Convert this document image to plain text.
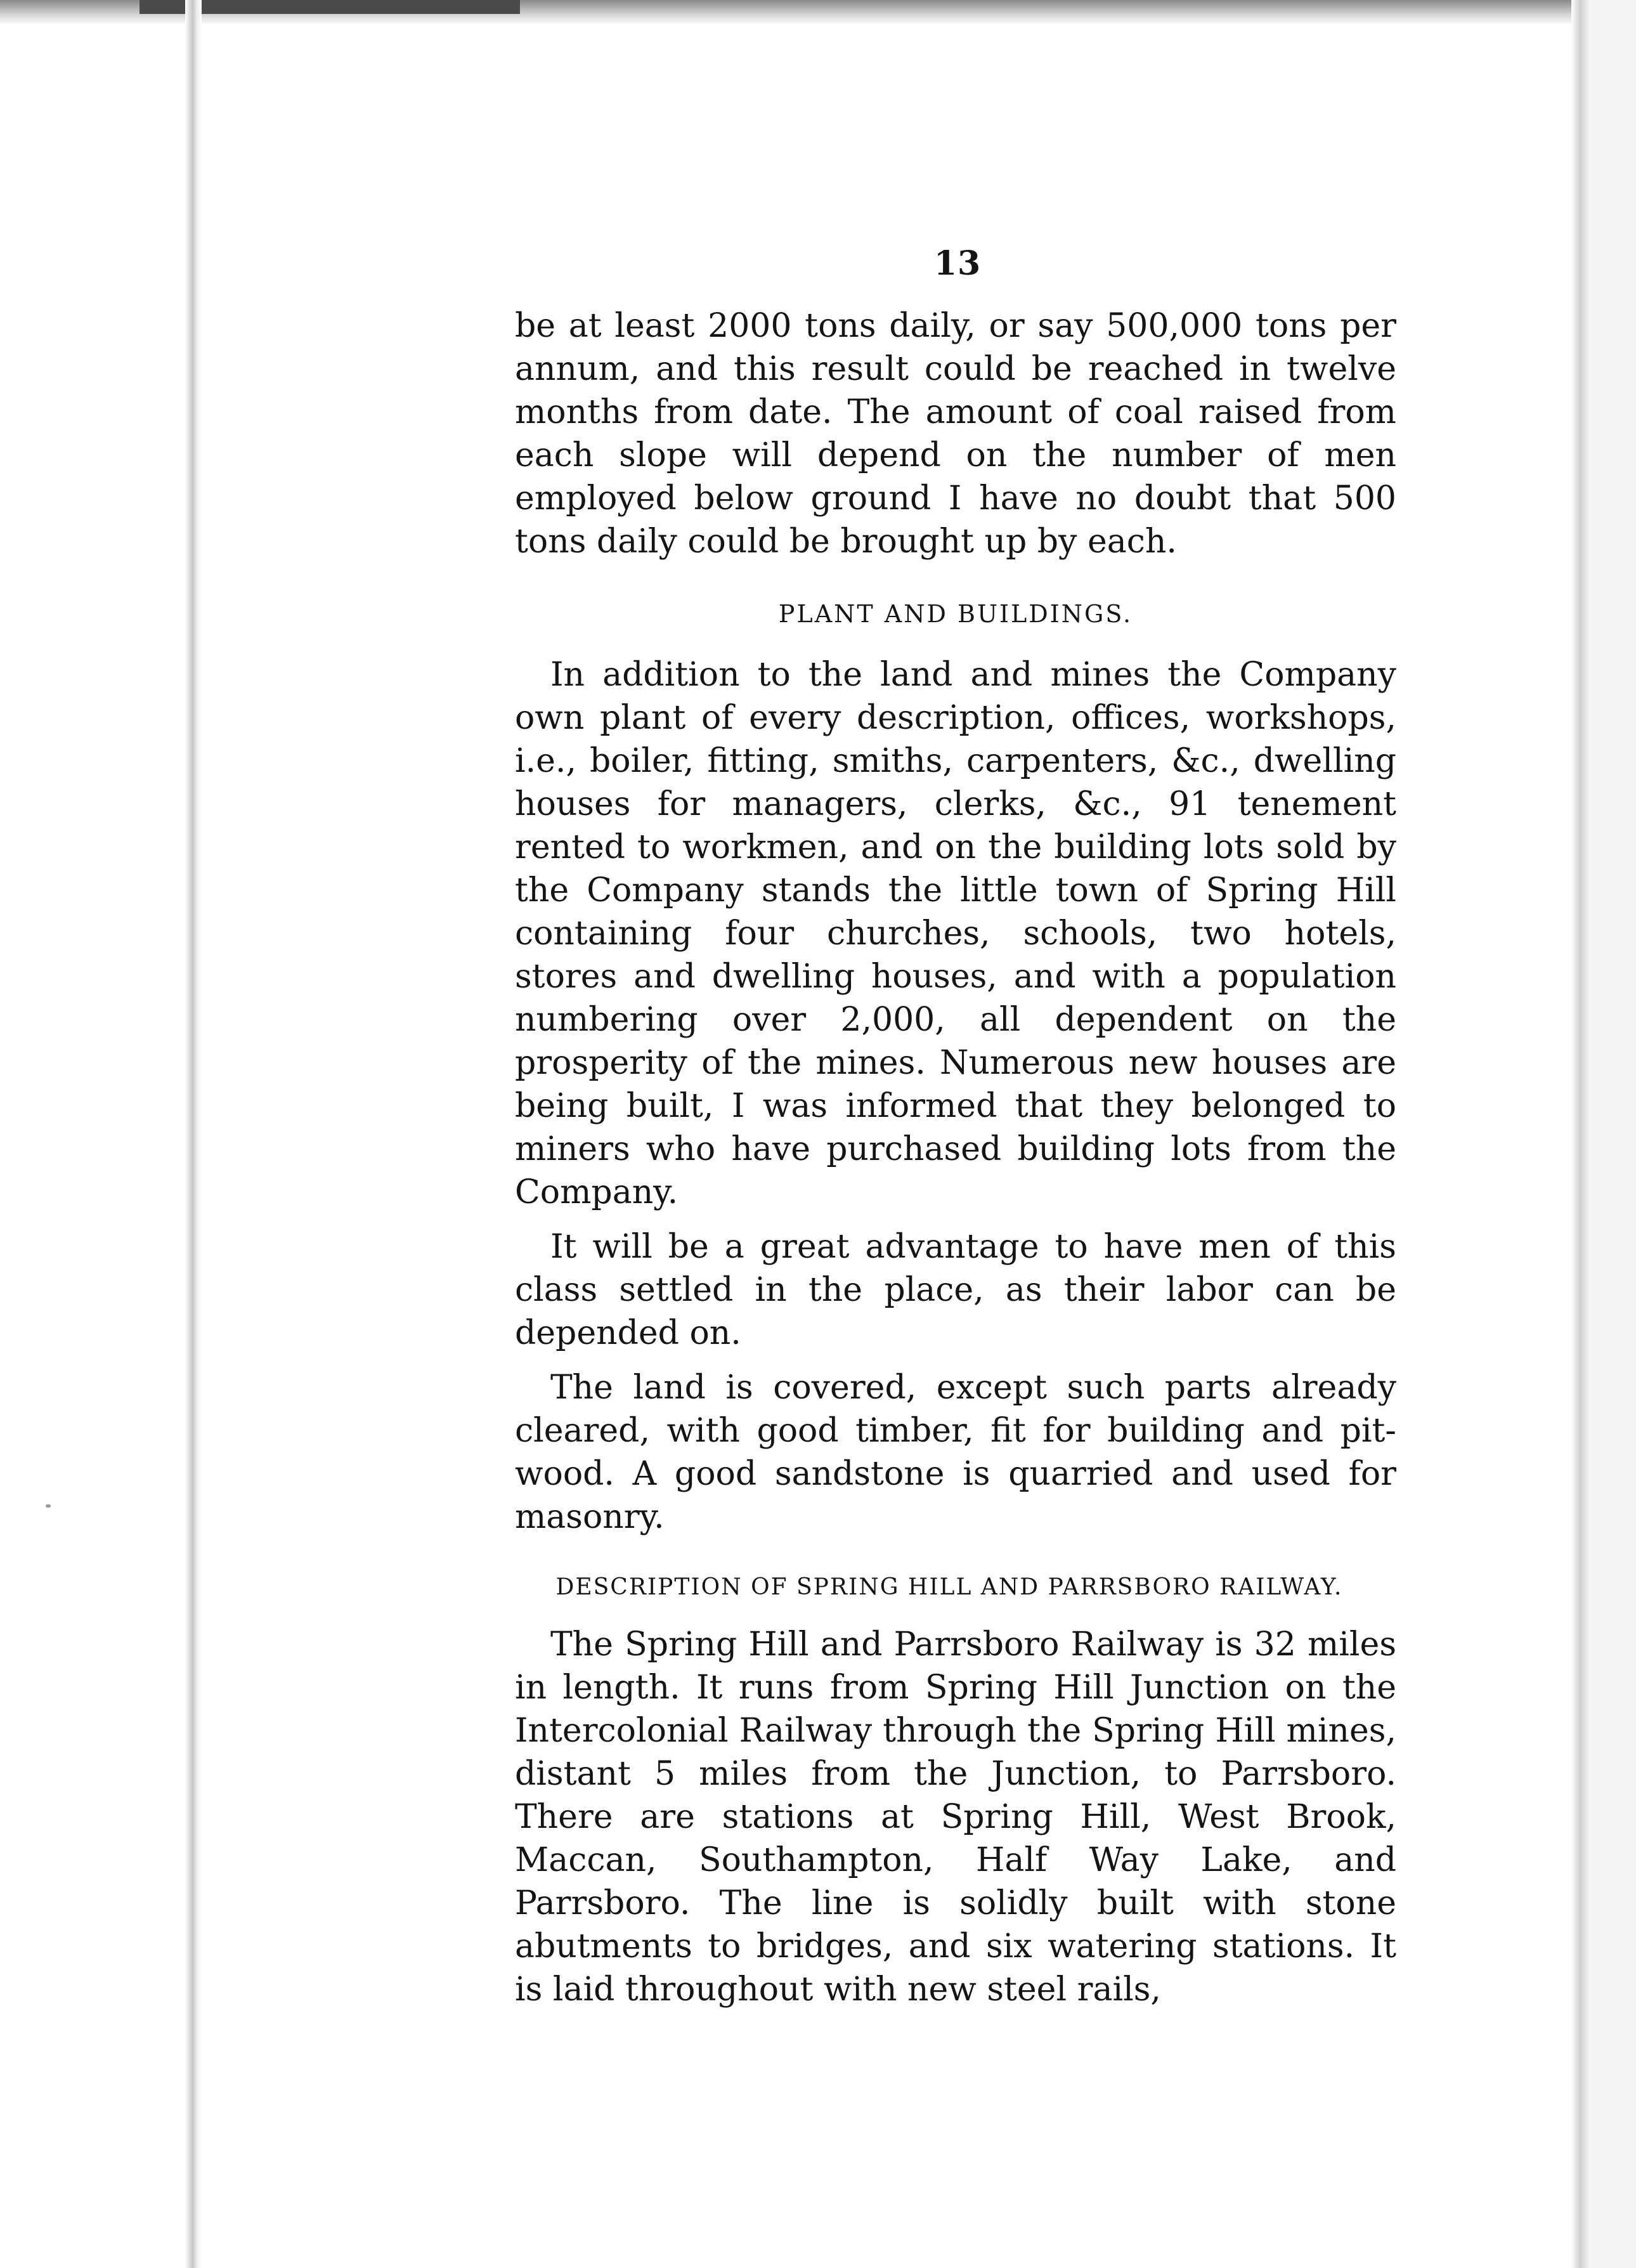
13

be at least 2000 tons daily, or say 500,000 tons per annum, and this result could be reached in twelve months from date. The amount of coal raised from each slope will depend on the number of men employed below ground I have no doubt that 500 tons daily could be brought up by each.

PLANT AND BUILDINGS.

In addition to the land and mines the Company own plant of every description, offices, workshops, i.e., boiler, fitting, smiths, carpenters, &c., dwelling houses for managers, clerks, &c., 91 tenement rented to workmen, and on the building lots sold by the Company stands the little town of Spring Hill containing four churches, schools, two hotels, stores and dwelling houses, and with a population numbering over 2,000, all dependent on the prosperity of the mines. Numerous new houses are being built, I was informed that they belonged to miners who have purchased building lots from the Company.

It will be a great advantage to have men of this class settled in the place, as their labor can be depended on.

The land is covered, except such parts already cleared, with good timber, fit for building and pit-wood. A good sandstone is quarried and used for masonry.

DESCRIPTION OF SPRING HILL AND PARRSBORO RAILWAY.

The Spring Hill and Parrsboro Railway is 32 miles in length. It runs from Spring Hill Junction on the Intercolonial Railway through the Spring Hill mines, distant 5 miles from the Junction, to Parrsboro. There are stations at Spring Hill, West Brook, Maccan, Southampton, Half Way Lake, and Parrsboro. The line is solidly built with stone abutments to bridges, and six watering stations. It is laid throughout with new steel rails,
